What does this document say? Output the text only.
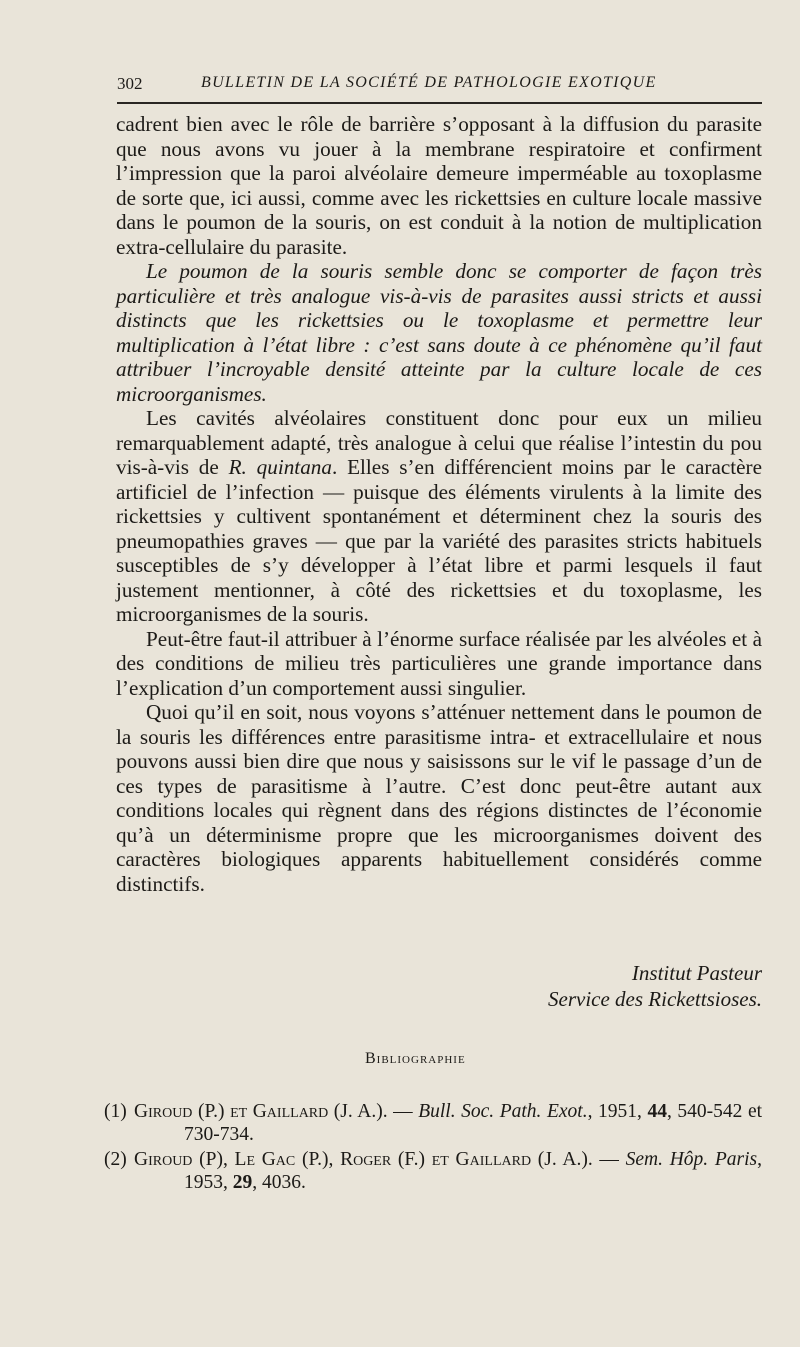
302	BULLETIN DE LA SOCIÉTÉ DE PATHOLOGIE EXOTIQUE

cadrent bien avec le rôle de barrière s’opposant à la diffusion du parasite que nous avons vu jouer à la membrane respiratoire et confirment l’impression que la paroi alvéolaire demeure imperméable au toxoplasme de sorte que, ici aussi, comme avec les rickettsies en culture locale massive dans le poumon de la souris, on est conduit à la notion de multiplication extra-cellulaire du parasite.

Le poumon de la souris semble donc se comporter de façon très particulière et très analogue vis-à-vis de parasites aussi stricts et aussi distincts que les rickettsies ou le toxoplasme et permettre leur multiplication à l’état libre : c’est sans doute à ce phénomène qu’il faut attribuer l’incroyable densité atteinte par la culture locale de ces microorganismes.

Les cavités alvéolaires constituent donc pour eux un milieu remarquablement adapté, très analogue à celui que réalise l’intestin du pou vis-à-vis de R. quintana. Elles s’en différencient moins par le caractère artificiel de l’infection — puisque des éléments virulents à la limite des rickettsies y cultivent spontanément et déterminent chez la souris des pneumopathies graves — que par la variété des parasites stricts habituels susceptibles de s’y développer à l’état libre et parmi lesquels il faut justement mentionner, à côté des rickettsies et du toxoplasme, les microorganismes de la souris.

Peut-être faut-il attribuer à l’énorme surface réalisée par les alvéoles et à des conditions de milieu très particulières une grande importance dans l’explication d’un comportement aussi singulier.

Quoi qu’il en soit, nous voyons s’atténuer nettement dans le poumon de la souris les différences entre parasitisme intra- et extracellulaire et nous pouvons aussi bien dire que nous y saisissons sur le vif le passage d’un de ces types de parasitisme à l’autre. C’est donc peut-être autant aux conditions locales qui règnent dans des régions distinctes de l’économie qu’à un déterminisme propre que les microorganismes doivent des caractères biologiques apparents habituellement considérés comme distinctifs.

Institut Pasteur
Service des Rickettsioses.
Bibliographie

(1) Giroud (P.) et Gaillard (J. A.). — Bull. Soc. Path. Exot., 1951, 44, 540-542 et 730-734.

(2) Giroud (P), Le Gac (P.), Roger (F.) et Gaillard (J. A.). — Sem. Hôp. Paris, 1953, 29, 4036.
